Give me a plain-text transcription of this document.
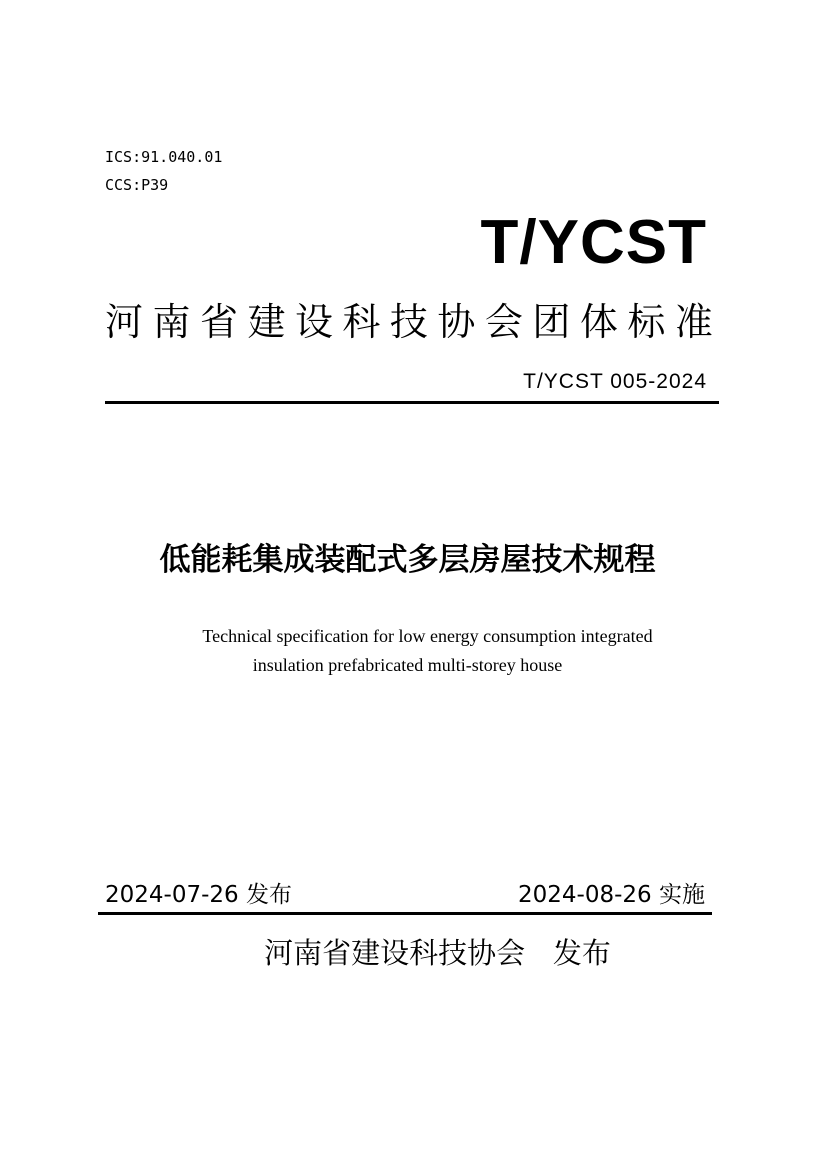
ICS:91.040.01
CCS:P39
T/YCST
河 南 省 建 设 科 技 协 会 团 体 标 准
T/YCST 005-2024
低能耗集成装配式多层房屋技术规程
Technical specification for low energy consumption integrated
insulation prefabricated multi-storey house
2024-07-26 发布	2024-08-26 实施
河南省建设科技协会   发布
